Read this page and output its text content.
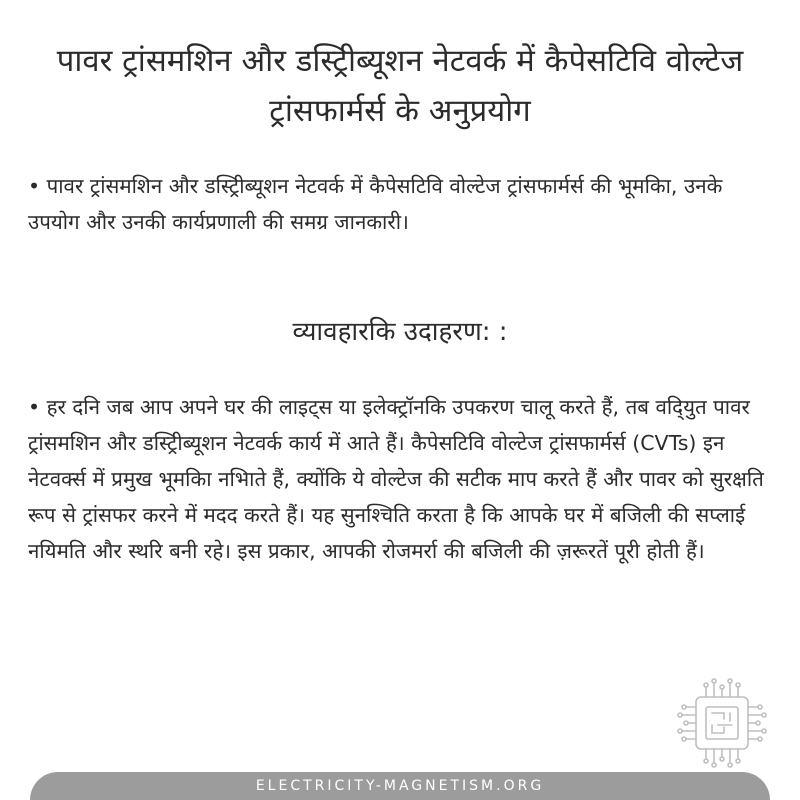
पावर ट्रांसमशिन और डस्ट्रिीब्यूशन नेटवर्क में कैपेसटिवि वोल्टेज ट्रांसफार्मर्स के अनुप्रयोग

• पावर ट्रांसमशिन और डस्ट्रिीब्यूशन नेटवर्क में कैपेसटिवि वोल्टेज ट्रांसफार्मर्स की भूमकिा, उनके उपयोग और उनकी कार्यप्रणाली की समग्र जानकारी।

व्यावहारकि उदाहरण: :

• हर दनि जब आप अपने घर की लाइट्स या इलेक्ट्रॉनकि उपकरण चालू करते हैं, तब वदि्युत पावर ट्रांसमशिन और डस्ट्रिीब्यूशन नेटवर्क कार्य में आते हैं। कैपेसटिवि वोल्टेज ट्रांसफार्मर्स (CVTs) इन नेटवर्क्स में प्रमुख भूमकिा नभिाते हैं, क्योंकि ये वोल्टेज की सटीक माप करते हैं और पावर को सुरक्षति रूप से ट्रांसफर करने में मदद करते हैं। यह सुनश्चिति करता है कि आपके घर में बजिली की सप्लाई नयिमति और स्थरि बनी रहे। इस प्रकार, आपकी रोजमर्रा की बजिली की ज़रूरतें पूरी होती हैं।

ELECTRICITY-MAGNETISM.ORG
